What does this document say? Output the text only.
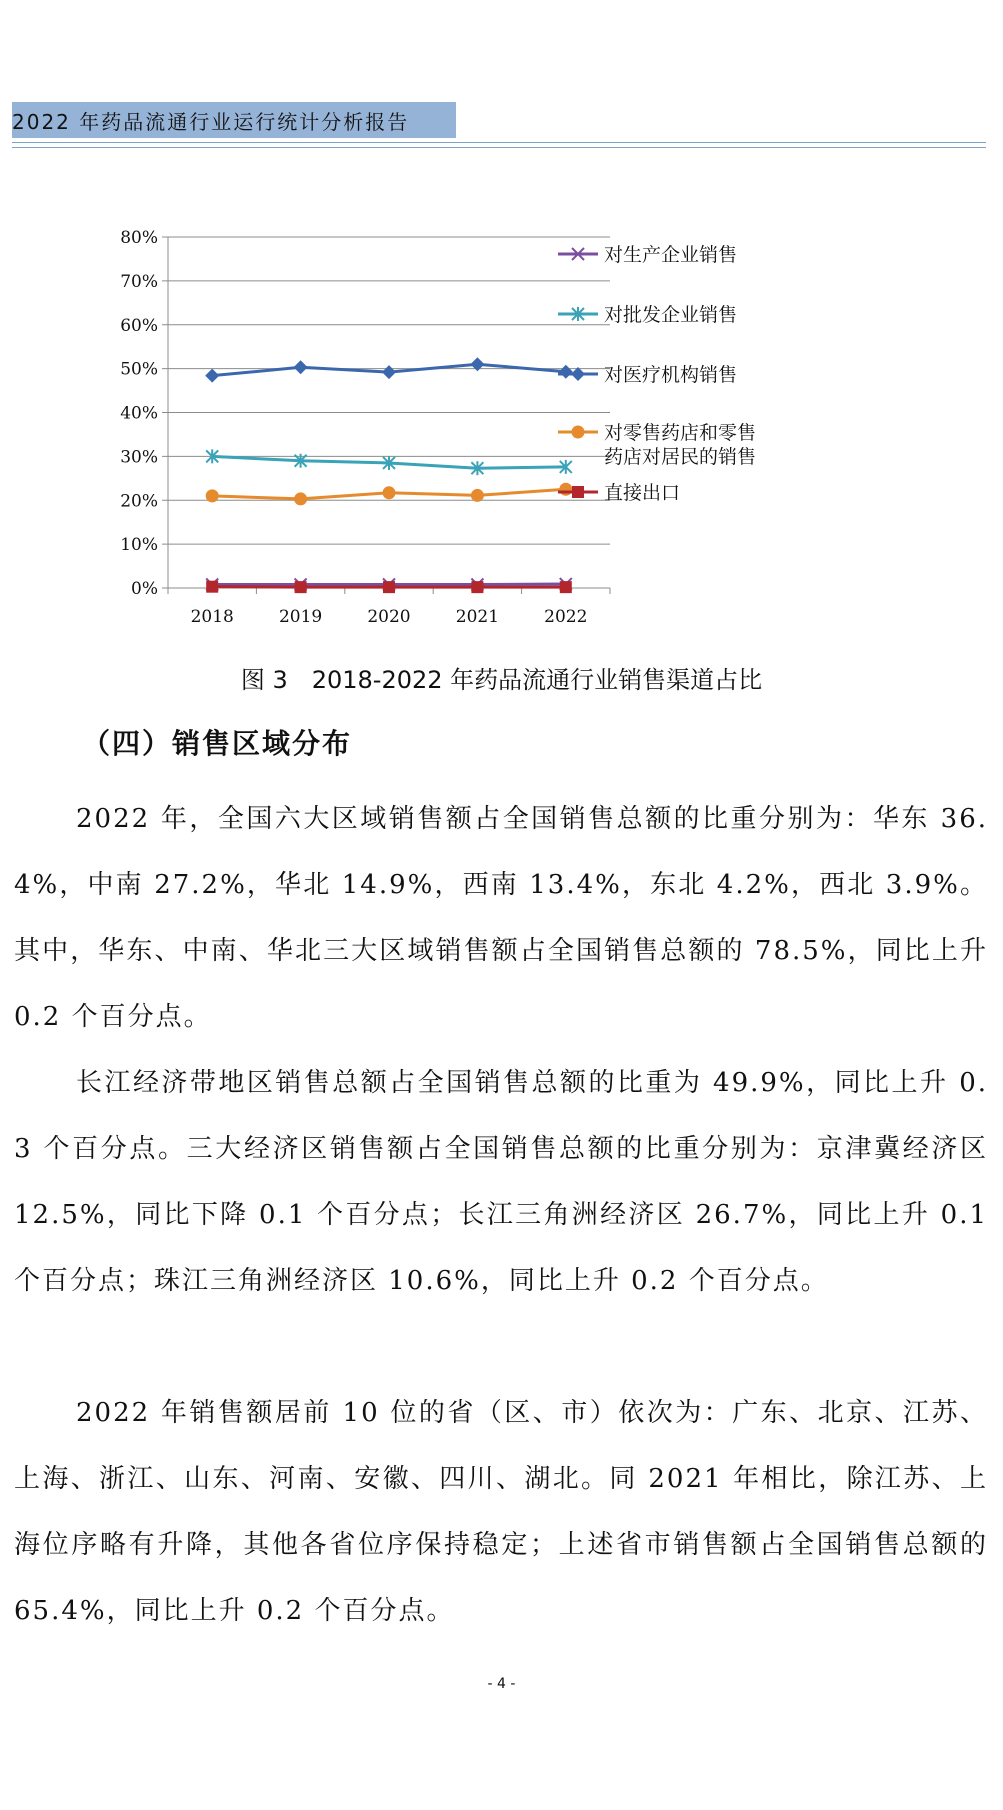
2022 年药品流通行业运行统计分析报告
0%
10%
20%
30%
40%
50%
60%
70%
80%
2018	2019	2020	2021	2022
对生产企业销售
对批发企业销售
对医疗机构销售
对零售药店和零售
药店对居民的销售
直接出口
图 3　2018-2022 年药品流通行业销售渠道占比
（四）销售区域分布

2022 年，全国六大区域销售额占全国销售总额的比重分别为：华东 36.4%，中南 27.2%，华北 14.9%，西南 13.4%，东北 4.2%，西北 3.9%。其中，华东、中南、华北三大区域销售额占全国销售总额的 78.5%，同比上升 0.2 个百分点。

长江经济带地区销售总额占全国销售总额的比重为 49.9%，同比上升 0.3 个百分点。三大经济区销售额占全国销售总额的比重分别为：京津冀经济区 12.5%，同比下降 0.1 个百分点；长江三角洲经济区 26.7%，同比上升 0.1 个百分点；珠江三角洲经济区 10.6%，同比上升 0.2 个百分点。

2022 年销售额居前 10 位的省（区、市）依次为：广东、北京、江苏、上海、浙江、山东、河南、安徽、四川、湖北。同 2021 年相比，除江苏、上海位序略有升降，其他各省位序保持稳定；上述省市销售额占全国销售总额的 65.4%，同比上升 0.2 个百分点。

- 4 -
